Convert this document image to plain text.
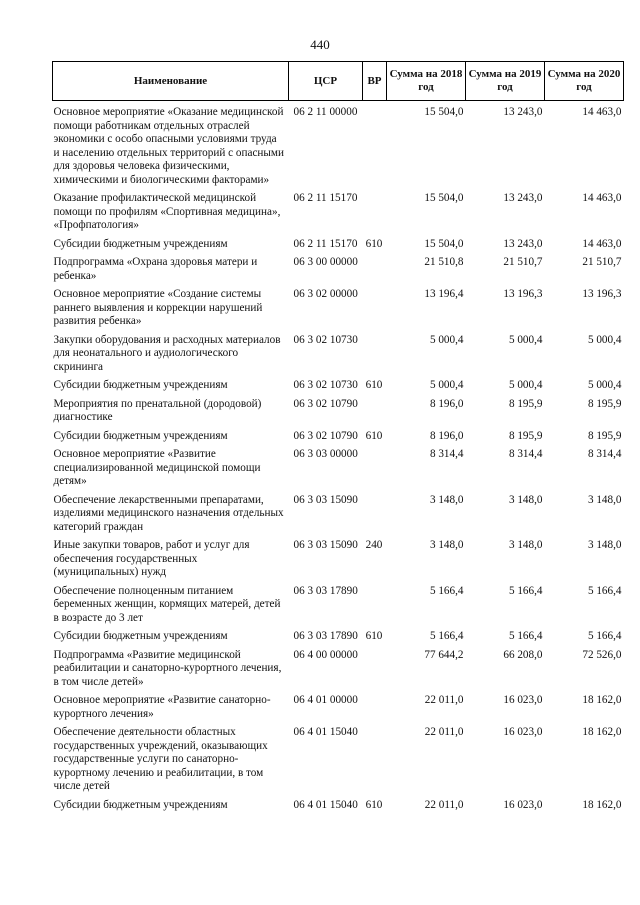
440
Наименование	ЦСР	ВР	Сумма на 2018 год	Сумма на 2019 год	Сумма на 2020 год
Основное мероприятие «Оказание медицинской помощи работникам отдельных отраслей экономики с особо опасными условиями труда и населению отдельных территорий с опасными для здоровья человека физическими, химическими и биологическими факторами»	06 2 11 00000		15 504,0	13 243,0	14 463,0
Оказание профилактической медицинской помощи по профилям «Спортивная медицина», «Профпатология»	06 2 11 15170		15 504,0	13 243,0	14 463,0
Субсидии бюджетным учреждениям	06 2 11 15170	610	15 504,0	13 243,0	14 463,0
Подпрограмма «Охрана здоровья матери и ребенка»	06 3 00 00000		21 510,8	21 510,7	21 510,7
Основное мероприятие «Создание системы раннего выявления и коррекции нарушений развития ребенка»	06 3 02 00000		13 196,4	13 196,3	13 196,3
Закупки оборудования и расходных материалов для неонатального и аудиологического скрининга	06 3 02 10730		5 000,4	5 000,4	5 000,4
Субсидии бюджетным учреждениям	06 3 02 10730	610	5 000,4	5 000,4	5 000,4
Мероприятия по пренатальной (дородовой) диагностике	06 3 02 10790		8 196,0	8 195,9	8 195,9
Субсидии бюджетным учреждениям	06 3 02 10790	610	8 196,0	8 195,9	8 195,9
Основное мероприятие «Развитие специализированной медицинской помощи детям»	06 3 03 00000		8 314,4	8 314,4	8 314,4
Обеспечение лекарственными препаратами, изделиями медицинского назначения отдельных категорий граждан	06 3 03 15090		3 148,0	3 148,0	3 148,0
Иные закупки товаров, работ и услуг для обеспечения государственных (муниципальных) нужд	06 3 03 15090	240	3 148,0	3 148,0	3 148,0
Обеспечение полноценным питанием беременных женщин, кормящих матерей, детей в возрасте до 3 лет	06 3 03 17890		5 166,4	5 166,4	5 166,4
Субсидии бюджетным учреждениям	06 3 03 17890	610	5 166,4	5 166,4	5 166,4
Подпрограмма «Развитие медицинской реабилитации и санаторно-курортного лечения, в том числе детей»	06 4 00 00000		77 644,2	66 208,0	72 526,0
Основное мероприятие «Развитие санаторно-курортного лечения»	06 4 01 00000		22 011,0	16 023,0	18 162,0
Обеспечение деятельности областных государственных учреждений, оказывающих государственные услуги по санаторно-курортному лечению и реабилитации, в том числе детей	06 4 01 15040		22 011,0	16 023,0	18 162,0
Субсидии бюджетным учреждениям	06 4 01 15040	610	22 011,0	16 023,0	18 162,0
